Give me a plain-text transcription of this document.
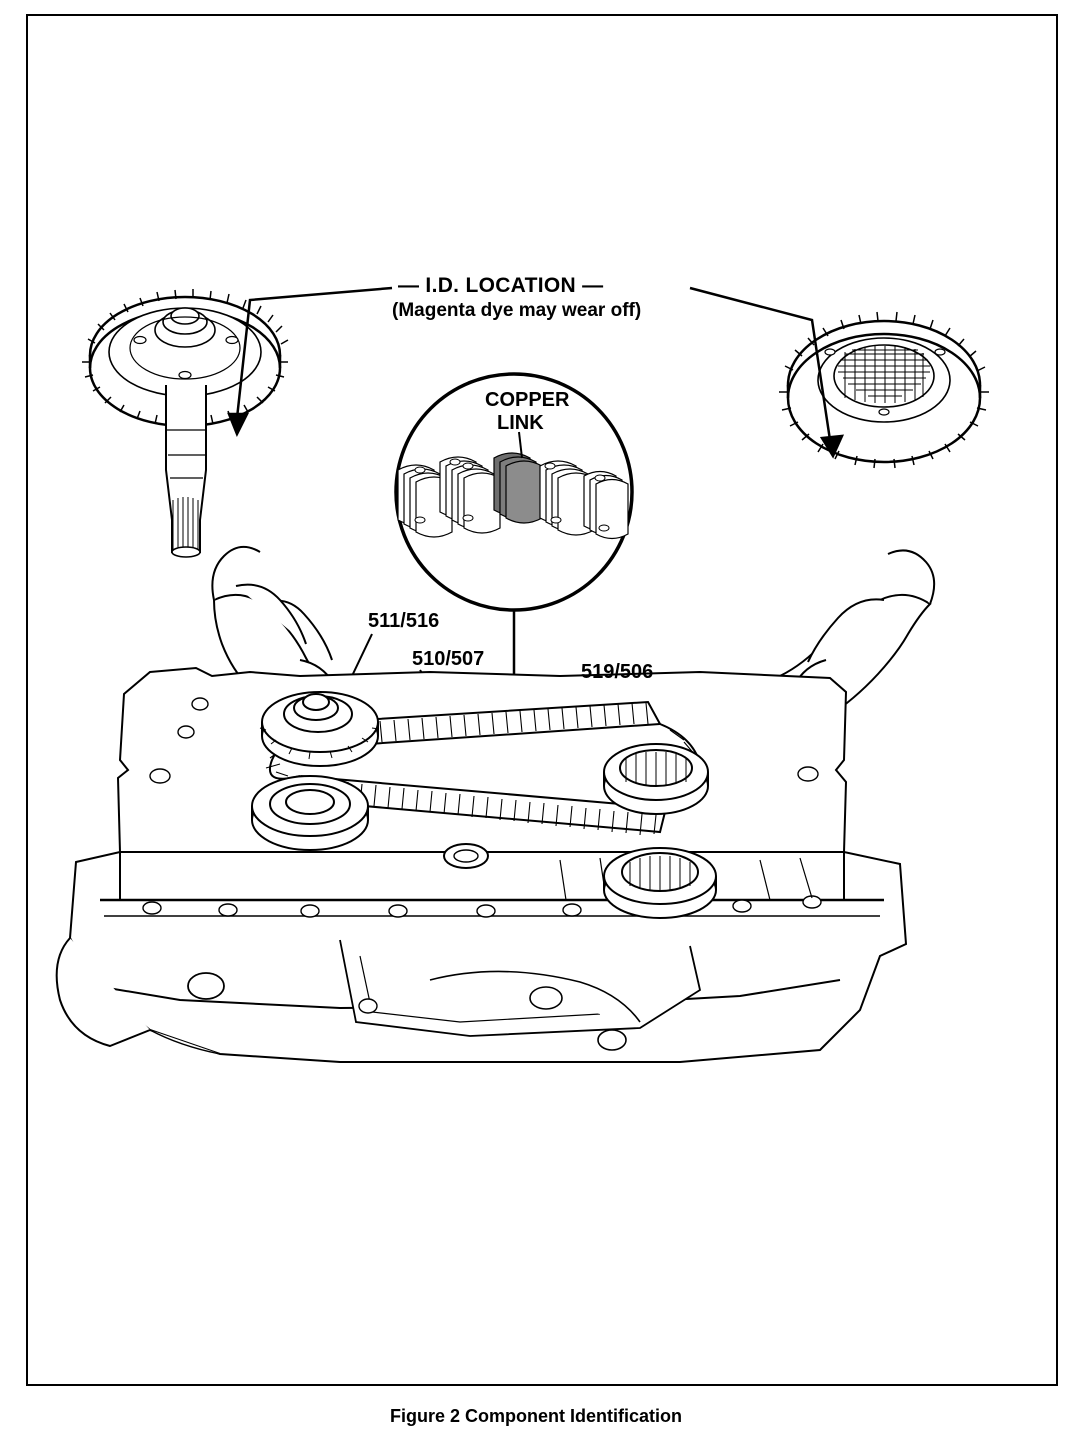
— I.D. LOCATION —
(Magenta dye may wear off)
COPPER
LINK
511/516
510/507
519/506
Figure 2 Component Identification
